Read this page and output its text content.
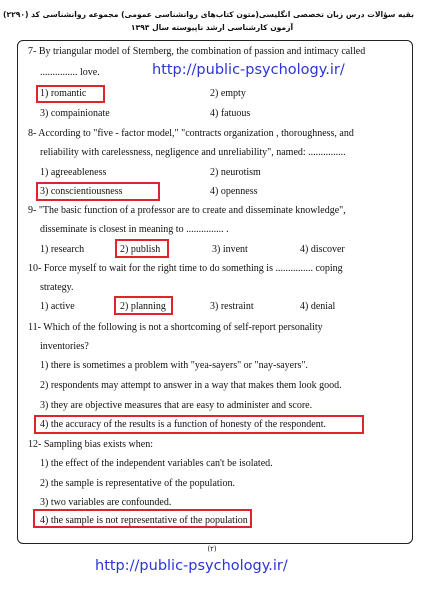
بقیه سؤالات درس زبان تخصصی انگلیسی(متون کتاب‌های روانشناسی عمومی) مجموعه روانشناسی کد (۲۲۹۰)
آزمون کارشناسی ارشد ناپیوسته سال ۱۳۹۳
http://public-psychology.ir/
7- By triangular model of Sternberg, the combination of passion and intimacy called
............... love.
1) romantic	2) empty
3) compainionate	4) fatuous
8- According to "five - factor model," "contracts organization , thoroughness, and
reliability with carelessness, negligence and unreliability", named: ...............
1) agreeableness	2) neurotism
3) conscientiousness	4) openness
9- "The basic function of a professor are to create and disseminate knowledge",
disseminate is closest in meaning to ............... .
1) research	2) publish	3) invent	4) discover
10- Force myself to wait for the right time to do something is ............... coping
strategy.
1) active	2) planning	3) restraint	4) denial
11- Which of the following is not a shortcoming of self-report personality
inventories?
1) there is sometimes a problem with "yea-sayers" or "nay-sayers".
2) respondents may attempt to answer in a way that makes them look good.
3) they are objective measures that are easy to administer and score.
4) the accuracy of the results is a function of honesty of the respondent.
12- Sampling bias exists when:
1) the effect of the independent variables can't be isolated.
2) the sample is representative of the population.
3) two variables are confounded.
4) the sample is not representative of the population
(۲)
http://public-psychology.ir/
